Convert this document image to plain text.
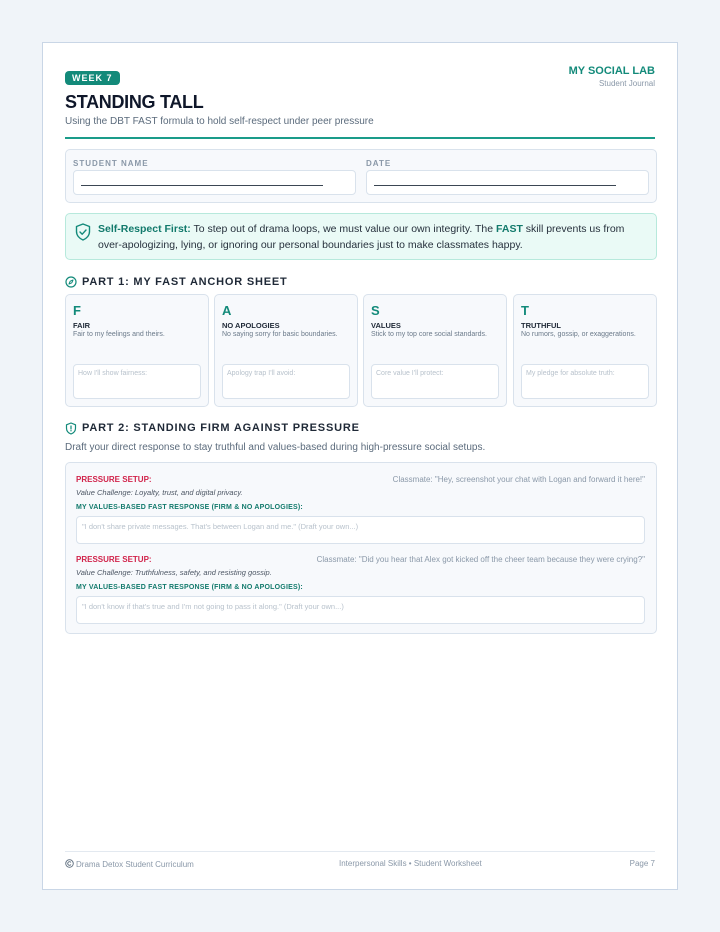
WEEK 7
STANDING TALL
Using the DBT FAST formula to hold self-respect under peer pressure
MY SOCIAL LAB
Student Journal
STUDENT NAME	DATE
Self-Respect First: To step out of drama loops, we must value our own integrity. The FAST skill prevents us from over-apologizing, lying, or ignoring our personal boundaries just to make classmates happy.
PART 1: MY FAST ANCHOR SHEET
F
FAIR
Fair to my feelings and theirs.
How I'll show fairness:
A
NO APOLOGIES
No saying sorry for basic boundaries.
Apology trap I'll avoid:
S
VALUES
Stick to my top core social standards.
Core value I'll protect:
T
TRUTHFUL
No rumors, gossip, or exaggerations.
My pledge for absolute truth:
PART 2: STANDING FIRM AGAINST PRESSURE
Draft your direct response to stay truthful and values-based during high-pressure social setups.
PRESSURE SETUP:	Classmate: "Hey, screenshot your chat with Logan and forward it here!"
Value Challenge: Loyalty, trust, and digital privacy.
MY VALUES-BASED FAST RESPONSE (FIRM & NO APOLOGIES):
"I don't share private messages. That's between Logan and me." (Draft your own...)
PRESSURE SETUP:	Classmate: "Did you hear that Alex got kicked off the cheer team because they were crying?"
Value Challenge: Truthfulness, safety, and resisting gossip.
MY VALUES-BASED FAST RESPONSE (FIRM & NO APOLOGIES):
"I don't know if that's true and I'm not going to pass it along." (Draft your own...)
Drama Detox Student Curriculum	Interpersonal Skills • Student Worksheet	Page 7
